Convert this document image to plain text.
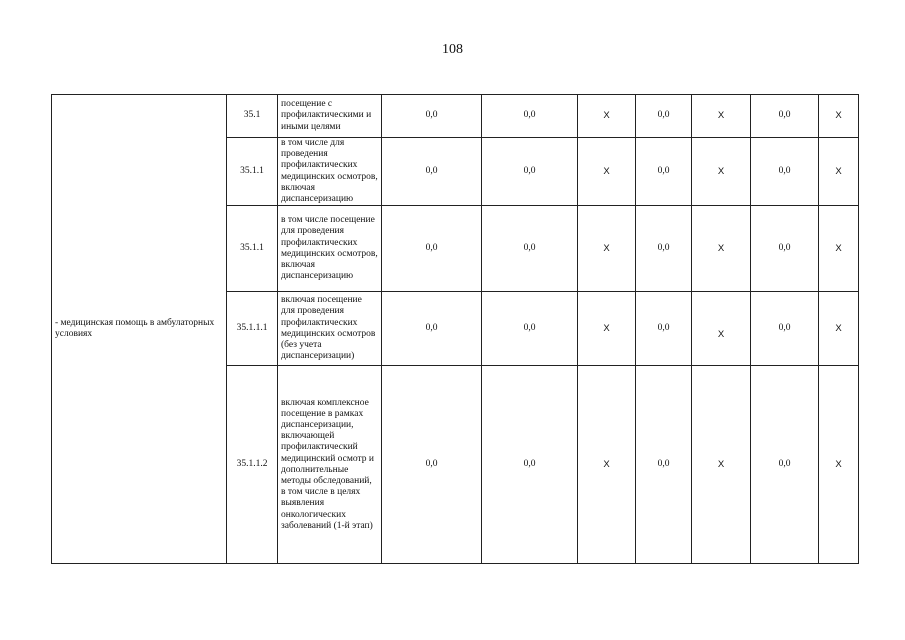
108
- медицинская помощь в амбулаторных условиях	35.1	посещение с профилактическими и иными целями	0,0	0,0	Х	0,0	Х	0,0	Х
	35.1.1	в том числе для проведения профилактических медицинских осмотров, включая диспансеризацию	0,0	0,0	Х	0,0	Х	0,0	Х
	35.1.1	в том числе посещение для проведения профилактических медицинских осмотров, включая диспансеризацию	0,0	0,0	Х	0,0	Х	0,0	Х
	35.1.1.1	включая посещение для проведения профилактических медицинских осмотров (без учета диспансеризации)	0,0	0,0	Х	0,0	Х	0,0	Х
	35.1.1.2	включая комплексное посещение в рамках диспансеризации, включающей профилактический медицинский осмотр и дополнительные методы обследований, в том числе в целях выявления онкологических заболеваний (1-й этап)	0,0	0,0	Х	0,0	Х	0,0	Х
